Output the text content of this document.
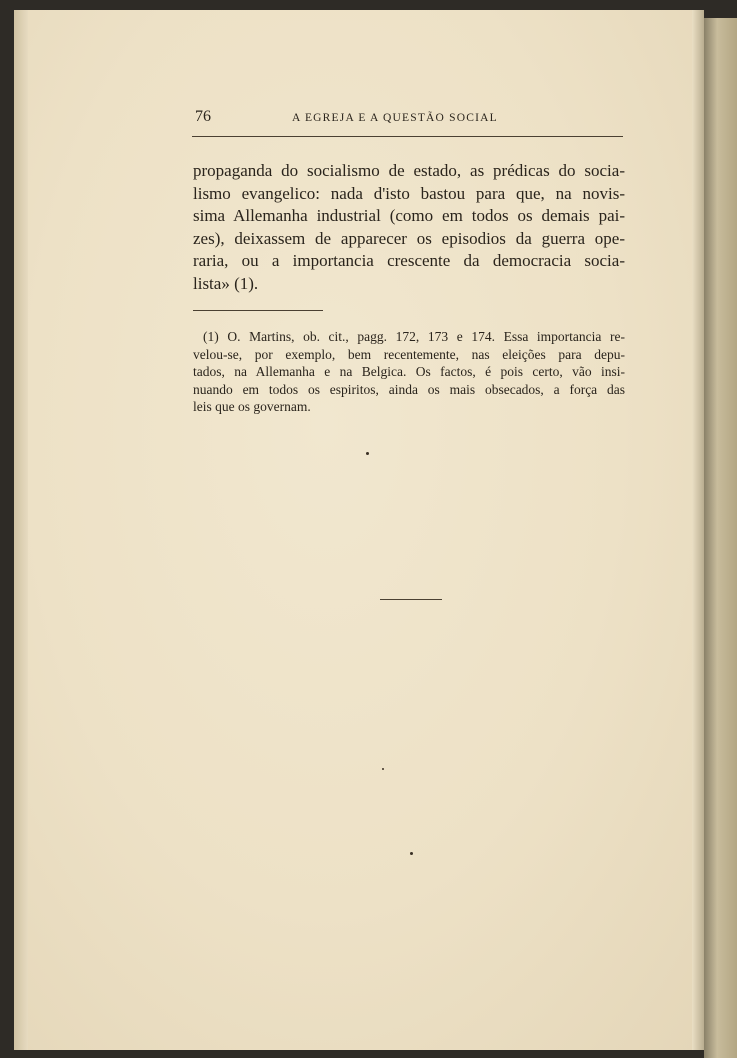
76	A EGREJA E A QUESTÃO SOCIAL
propaganda do socialismo de estado, as prédicas do socia-
lismo evangelico: nada d'isto bastou para que, na novis-
sima Allemanha industrial (como em todos os demais pai-
zes), deixassem de apparecer os episodios da guerra ope-
raria, ou a importancia crescente da democracia socia-
lista» (1).
(1) O. Martins, ob. cit., pagg. 172, 173 e 174. Essa importancia re-
velou-se, por exemplo, bem recentemente, nas eleições para depu-
tados, na Allemanha e na Belgica. Os factos, é pois certo, vão insi-
nuando em todos os espiritos, ainda os mais obsecados, a força das
leis que os governam.
